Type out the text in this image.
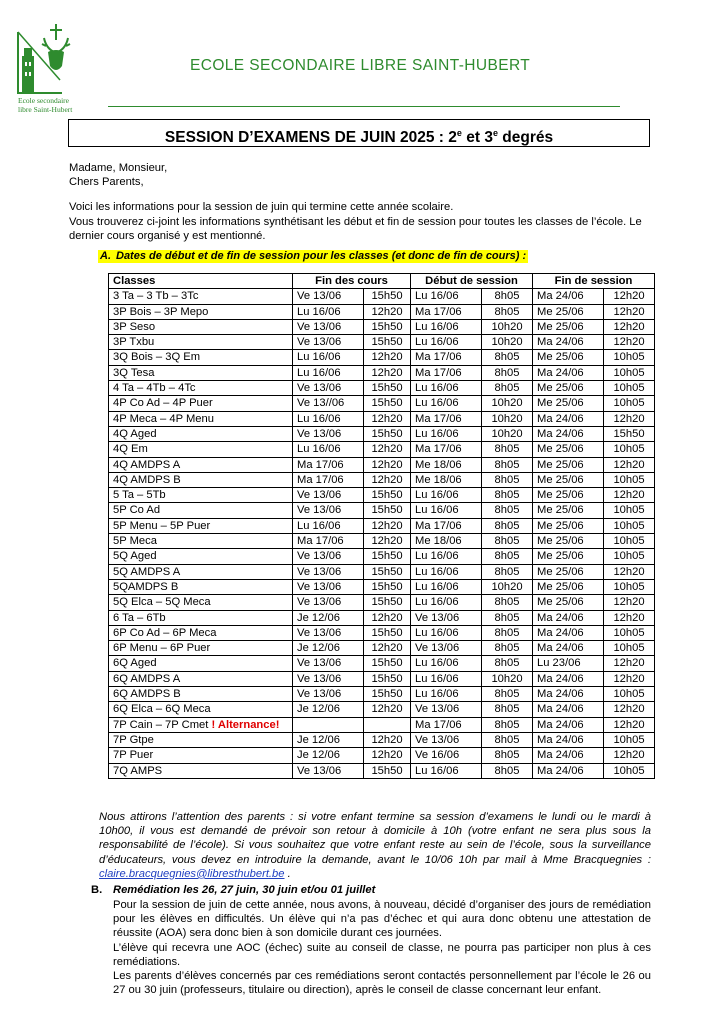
Ecole secondaire
libre Saint-Hubert
ECOLE SECONDAIRE LIBRE SAINT-HUBERT
SESSION D’EXAMENS DE JUIN 2025 : 2e et 3e degrés

Madame, Monsieur,

Chers Parents,

Voici les informations pour la session de juin qui termine cette année scolaire.

Vous trouverez ci-joint les informations synthétisant les début et fin de session pour toutes les classes de l’école. Le dernier cours organisé y est mentionné.

A. Dates de début et de fin de session pour les classes (et donc de fin de cours) :
Classes	Fin des cours		Début de session		Fin de session	
3 Ta – 3 Tb – 3Tc	Ve 13/06	15h50	Lu 16/06	8h05	Ma 24/06	12h20
3P Bois – 3P Mepo	Lu 16/06	12h20	Ma 17/06	8h05	Me 25/06	12h20
3P Seso	Ve 13/06	15h50	Lu 16/06	10h20	Me 25/06	12h20
3P Txbu	Ve 13/06	15h50	Lu 16/06	10h20	Ma 24/06	12h20
3Q Bois – 3Q Em	Lu 16/06	12h20	Ma 17/06	8h05	Me 25/06	10h05
3Q Tesa	Lu 16/06	12h20	Ma 17/06	8h05	Ma 24/06	10h05
4 Ta – 4Tb – 4Tc	Ve 13/06	15h50	Lu 16/06	8h05	Me 25/06	10h05
4P Co Ad – 4P Puer	Ve 13//06	15h50	Lu 16/06	10h20	Me 25/06	10h05
4P Meca – 4P Menu	Lu 16/06	12h20	Ma 17/06	10h20	Ma 24/06	12h20
4Q Aged	Ve 13/06	15h50	Lu 16/06	10h20	Ma 24/06	15h50
4Q Em	Lu 16/06	12h20	Ma 17/06	8h05	Me 25/06	10h05
4Q AMDPS A	Ma 17/06	12h20	Me 18/06	8h05	Me 25/06	12h20
4Q AMDPS B	Ma 17/06	12h20	Me 18/06	8h05	Me 25/06	10h05
5 Ta – 5Tb	Ve 13/06	15h50	Lu 16/06	8h05	Me 25/06	12h20
5P Co Ad	Ve 13/06	15h50	Lu 16/06	8h05	Me 25/06	10h05
5P Menu – 5P Puer	Lu 16/06	12h20	Ma 17/06	8h05	Me 25/06	10h05
5P Meca	Ma 17/06	12h20	Me 18/06	8h05	Me 25/06	10h05
5Q Aged	Ve 13/06	15h50	Lu 16/06	8h05	Me 25/06	10h05
5Q AMDPS A	Ve 13/06	15h50	Lu 16/06	8h05	Me 25/06	12h20
5QAMDPS B	Ve 13/06	15h50	Lu 16/06	10h20	Me 25/06	10h05
5Q Elca – 5Q Meca	Ve 13/06	15h50	Lu 16/06	8h05	Me 25/06	12h20
6 Ta – 6Tb	Je 12/06	12h20	Ve 13/06	8h05	Ma 24/06	12h20
6P Co Ad – 6P Meca	Ve 13/06	15h50	Lu 16/06	8h05	Ma 24/06	10h05
6P Menu – 6P Puer	Je 12/06	12h20	Ve 13/06	8h05	Ma 24/06	10h05
6Q Aged	Ve 13/06	15h50	Lu 16/06	8h05	Lu 23/06	12h20
6Q AMDPS A	Ve 13/06	15h50	Lu 16/06	10h20	Ma 24/06	12h20
6Q AMDPS B	Ve 13/06	15h50	Lu 16/06	8h05	Ma 24/06	10h05
6Q Elca – 6Q Meca	Je 12/06	12h20	Ve 13/06	8h05	Ma 24/06	12h20
7P Cain – 7P Cmet ! Alternance!			Ma 17/06	8h05	Ma 24/06	12h20
7P Gtpe	Je 12/06	12h20	Ve 13/06	8h05	Ma 24/06	10h05
7P Puer	Je 12/06	12h20	Ve 16/06	8h05	Ma 24/06	12h20
7Q AMPS	Ve 13/06	15h50	Lu 16/06	8h05	Ma 24/06	10h05
Nous attirons l’attention des parents : si votre enfant termine sa session d’examens le lundi ou le mardi à 10h00, il vous est demandé de prévoir son retour à domicile à 10h (votre enfant ne sera plus sous la responsabilité de l’école). Si vous souhaitez que votre enfant reste au sein de l’école, sous la surveillance d’éducateurs, vous devez en introduire la demande, avant le 10/06 10h par mail à Mme Bracquegnies : claire.bracquegnies@libresthubert.be .
B. Remédiation les 26, 27 juin, 30 juin et/ou 01 juillet

Pour la session de juin de cette année, nous avons, à nouveau, décidé d’organiser des jours de remédiation pour les élèves en difficultés. Un élève qui n’a pas d’échec et qui aura donc obtenu une attestation de réussite (AOA) sera donc bien à son domicile durant ces journées.

L’élève qui recevra une AOC (échec) suite au conseil de classe, ne pourra pas participer non plus à ces remédiations.

Les parents d’élèves concernés par ces remédiations seront contactés personnellement par l’école le 26 ou 27 ou 30 juin (professeurs, titulaire ou direction), après le conseil de classe concernant leur enfant.
